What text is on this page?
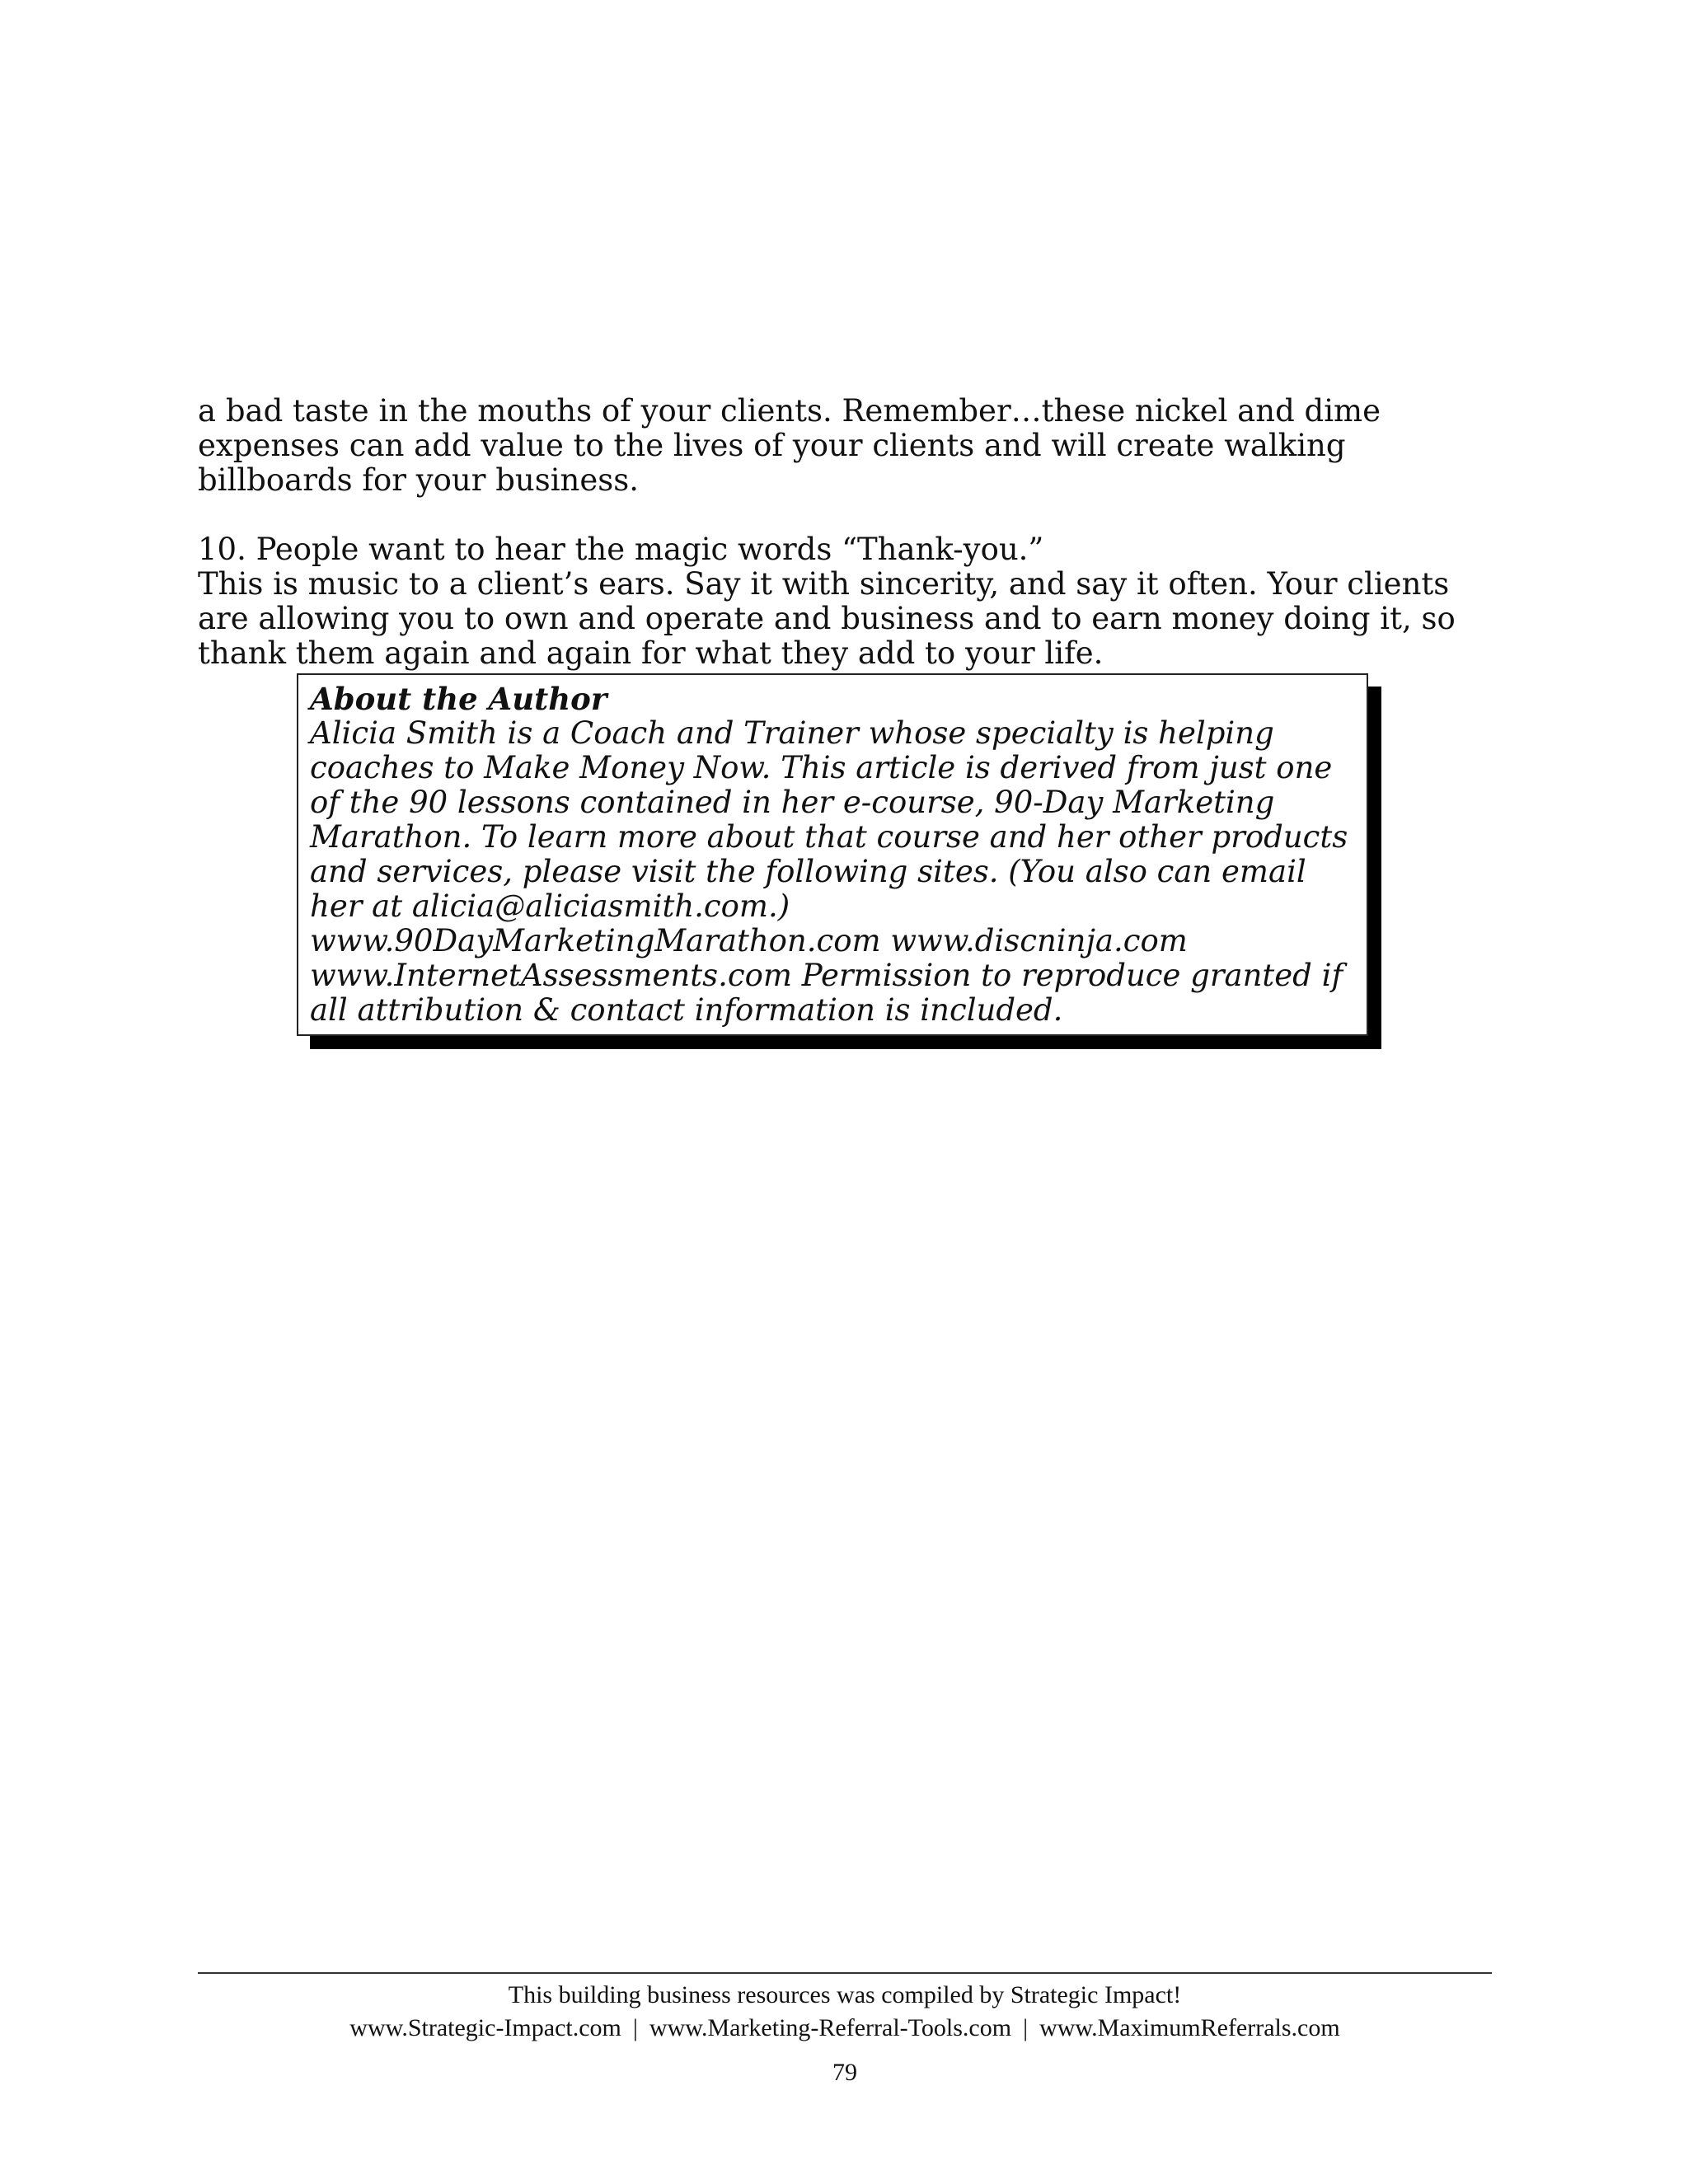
a bad taste in the mouths of your clients. Remember…these nickel and dime expenses can add value to the lives of your clients and will create walking billboards for your business.

10. People want to hear the magic words “Thank-you.”

This is music to a client’s ears. Say it with sincerity, and say it often. Your clients are allowing you to own and operate and business and to earn money doing it, so thank them again and again for what they add to your life.

About the Author
Alicia Smith is a Coach and Trainer whose specialty is helping coaches to Make Money Now. This article is derived from just one of the 90 lessons contained in her e-course, 90-Day Marketing Marathon. To learn more about that course and her other products and services, please visit the following sites. (You also can email her at alicia@aliciasmith.com.) www.90DayMarketingMarathon.com www.discninja.com www.InternetAssessments.com Permission to reproduce granted if all attribution & contact information is included.
This building business resources was compiled by Strategic Impact!
www.Strategic-Impact.com | www.Marketing-Referral-Tools.com | www.MaximumReferrals.com
79
